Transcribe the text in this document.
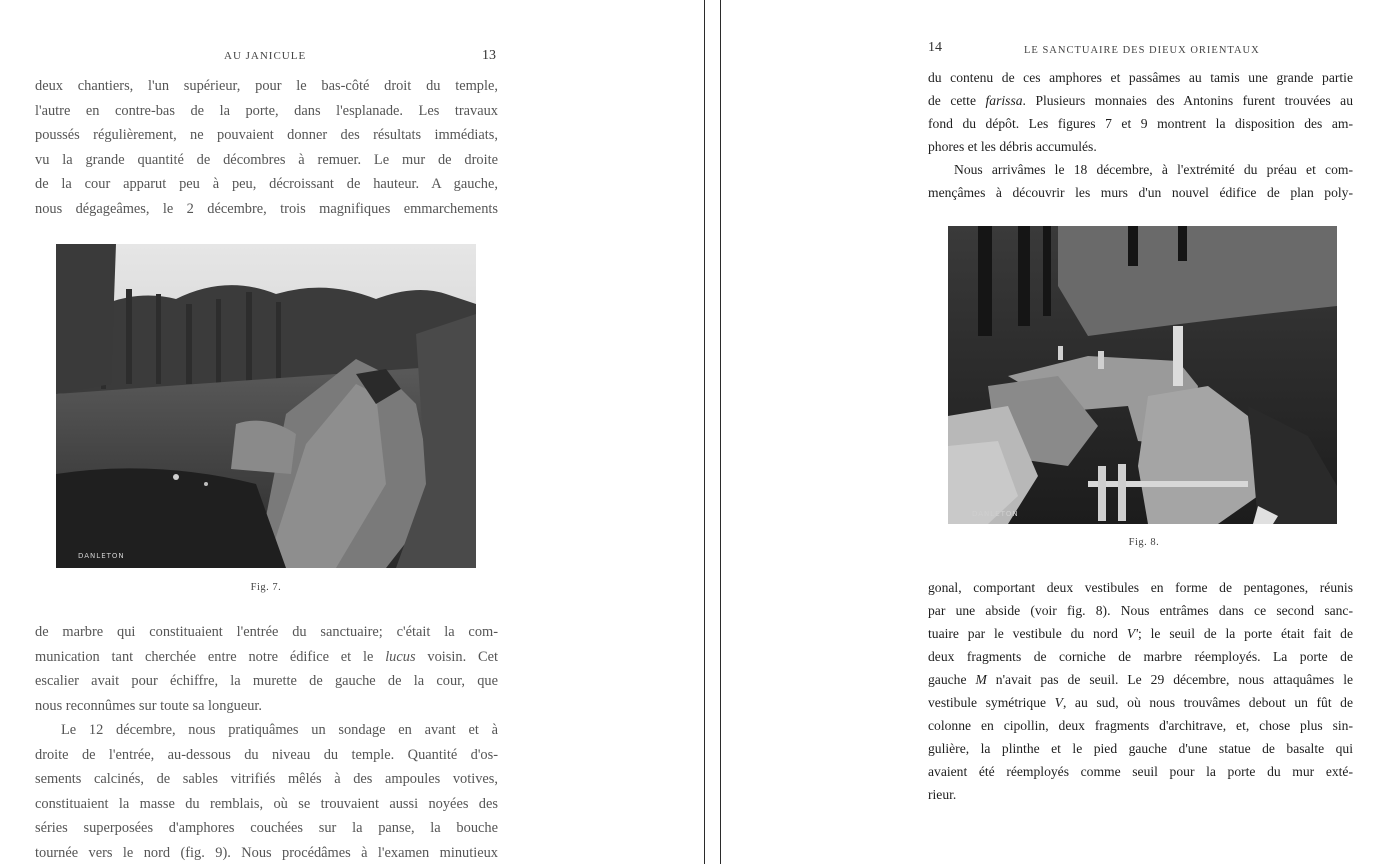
AU JANICULE	13
deux chantiers, l'un supérieur, pour le bas-côté droit du temple,
l'autre en contre-bas de la porte, dans l'esplanade. Les travaux
poussés régulièrement, ne pouvaient donner des résultats immédiats,
vu la grande quantité de décombres à remuer. Le mur de droite
de la cour apparut peu à peu, décroissant de hauteur. A gauche,
nous dégageâmes, le 2 décembre, trois magnifiques emmarchements
DANLETON
Fig. 7.
de marbre qui constituaient l'entrée du sanctuaire; c'était la com-
munication tant cherchée entre notre édifice et le lucus voisin. Cet
escalier avait pour échiffre, la murette de gauche de la cour, que
nous reconnûmes sur toute sa longueur.
Le 12 décembre, nous pratiquâmes un sondage en avant et à
droite de l'entrée, au-dessous du niveau du temple. Quantité d'os-
sements calcinés, de sables vitrifiés mêlés à des ampoules votives,
constituaient la masse du remblais, où se trouvaient aussi noyées des
séries superposées d'amphores couchées sur la panse, la bouche
tournée vers le nord (fig. 9). Nous procédâmes à l'examen minutieux
14	LE SANCTUAIRE DES DIEUX ORIENTAUX
du contenu de ces amphores et passâmes au tamis une grande partie
de cette farissa. Plusieurs monnaies des Antonins furent trouvées au
fond du dépôt. Les figures 7 et 9 montrent la disposition des am-
phores et les débris accumulés.
Nous arrivâmes le 18 décembre, à l'extrémité du préau et com-
mençâmes à découvrir les murs d'un nouvel édifice de plan poly-
DANLETON
Fig. 8.
gonal, comportant deux vestibules en forme de pentagones, réunis
par une abside (voir fig. 8). Nous entrâmes dans ce second sanc-
tuaire par le vestibule du nord V'; le seuil de la porte était fait de
deux fragments de corniche de marbre réemployés. La porte de
gauche M n'avait pas de seuil. Le 29 décembre, nous attaquâmes le
vestibule symétrique V, au sud, où nous trouvâmes debout un fût de
colonne en cipollin, deux fragments d'architrave, et, chose plus sin-
gulière, la plinthe et le pied gauche d'une statue de basalte qui
avaient été réemployés comme seuil pour la porte du mur exté-
rieur.
